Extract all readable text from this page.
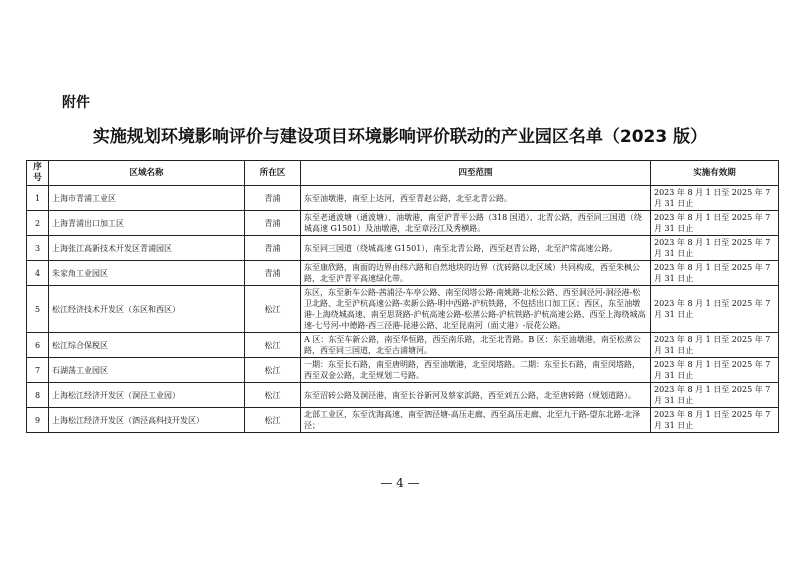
附件
实施规划环境影响评价与建设项目环境影响评价联动的产业园区名单（2023 版）
序号	区域名称	所在区	四至范围	实施有效期
1	上海市青浦工业区	青浦	东至油墩港，南至上达河，西至青赵公路，北至北青公路。	2023 年 8 月 1 日至 2025 年 7 月 31 日止
2	上海青浦出口加工区	青浦	东至老通波塘（通波塘）、油墩港，南至沪青平公路（318 国道）、北青公路，西至同三国道（绕城高速 G1501）及油墩港，北至章泾江及秀横路。	2023 年 8 月 1 日至 2025 年 7 月 31 日止
3	上海张江高新技术开发区青浦园区	青浦	东至同三国道（绕城高速 G1501），南至北青公路，西至赵青公路，北至沪常高速公路。	2023 年 8 月 1 日至 2025 年 7 月 31 日止
4	朱家角工业园区	青浦	东至康欣路，南面的边界由纬六路和自然地块的边界（沈砖路以北区域）共同构成，西至朱枫公路，北至沪青平高速绿化带。	2023 年 8 月 1 日至 2025 年 7 月 31 日止
5	松江经济技术开发区（东区和西区）	松江	东区，东至新车公路-茜浦泾-车亭公路、南至闵塔公路-南姚路-北松公路、西至洞泾河-洞泾港-松卫北路、北至沪杭高速公路-卖新公路-明中西路-沪杭铁路，不包括出口加工区；西区，东至油墩港-上海绕城高速、南至思贤路-沪杭高速公路-松蒸公路-沪杭铁路-沪杭高速公路、西至上海绕城高速-七号河-中德路-西三泾港-昆港公路、北至昆南河（面丈港）-辰花公路。	2023 年 8 月 1 日至 2025 年 7 月 31 日止
6	松江综合保税区	松江	A 区：东至车新公路，南至华恒路，西至南乐路，北至北青路。B 区：东至油墩港，南至松蒸公路，西至同三国道，北至古浦塘河。	2023 年 8 月 1 日至 2025 年 7 月 31 日止
7	石湖荡工业园区	松江	一期：东至长石路，南至唐明路，西至油墩港，北至闵塔路。二期：东至长石路，南至闵塔路，西至双金公路，北至规划二号路。	2023 年 8 月 1 日至 2025 年 7 月 31 日止
8	上海松江经济开发区（洞泾工业园）	松江	东至沼砖公路及洞泾港，南至长谷新河及蔡家浜路，西至刘五公路，北至唐砖路（规划道路）。	2023 年 8 月 1 日至 2025 年 7 月 31 日止
9	上海松江经济开发区（泗泾高科技开发区）	松江	北部工业区，东至沈海高速、南至泗泾塘-高压走廊、西至高压走廊、北至九干路-望东北路-北泽泾；	2023 年 8 月 1 日至 2025 年 7 月 31 日止
— 4 —
